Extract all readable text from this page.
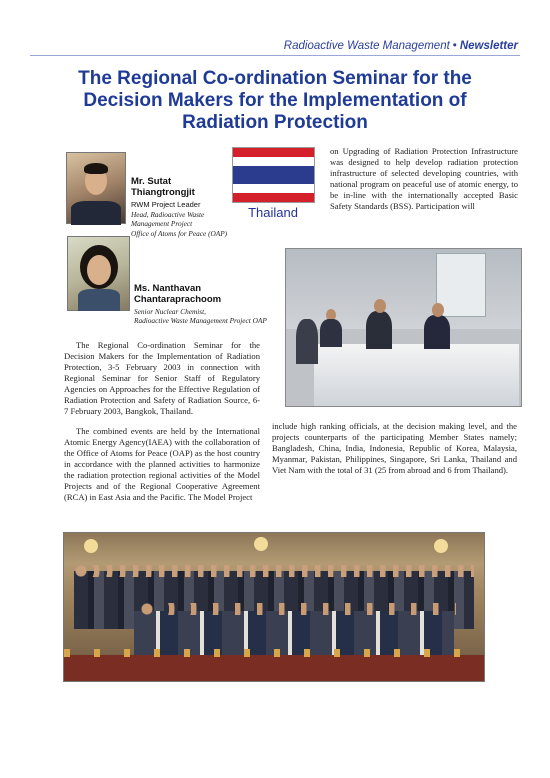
Radioactive Waste Management • Newsletter
The Regional Co-ordination Seminar for the
Decision Makers for the Implementation of
Radiation Protection
Mr. Sutat Thiangtrongjit
RWM Project Leader
Head, Radioactive Waste
Management Project
Office of Atoms for Peace (OAP)
Thailand
Ms. Nanthavan Chantaraprachoom
Senior Nuclear Chemist,
Radioactive Waste Management Project OAP

on Upgrading of Radiation Protection Infrastructure was designed to help develop radiation protection infrastructure of selected developing countries, with national program on peaceful use of atomic energy, to be in-line with the internationally accepted Basic Safety Standards (BSS). Participation will

The Regional Co-ordination Seminar for the Decision Makers for the Implementation of Radiation Protection, 3-5 February 2003 in connection with Regional Seminar for Senior Staff of Regulatory Agencies on Approaches for the Effective Regulation of Radiation Protection and Safety of Radiation Source, 6-7 February 2003, Bangkok, Thailand.

The combined events are held by the International Atomic Energy Agency(IAEA) with the collaboration of the Office of Atoms for Peace (OAP) as the host country in accordance with the planned activities to harmonize the radiation protection regional activities of the Model Projects and of the Regional Cooperative Agreement (RCA) in East Asia and the Pacific. The Model Project

include high ranking officials, at the decision making level, and the projects counterparts of the participating Member States namely; Bangladesh, China, India, Indonesia, Republic of Korea, Malaysia, Myanmar, Pakistan, Philippines, Singapore, Sri Lanka, Thailand and Viet Nam with the total of 31 (25 from abroad and 6 from Thailand).
